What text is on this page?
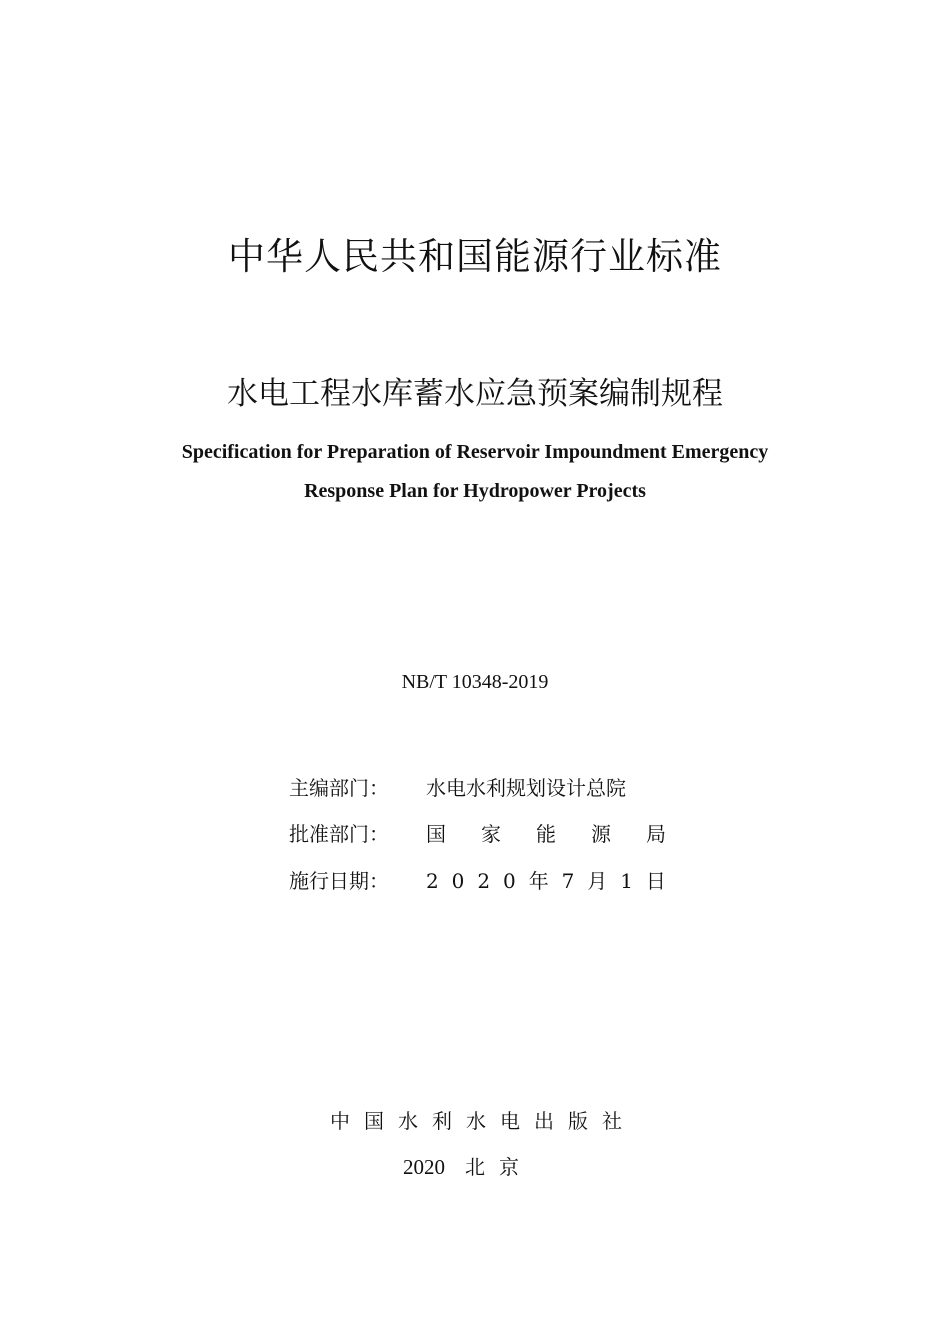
中华人民共和国能源行业标准
水电工程水库蓄水应急预案编制规程
Specification for Preparation of Reservoir Impoundment Emergency
Response Plan for Hydropower Projects
NB/T 10348-2019
主编部门： 水电水利规划设计总院
批准部门： 国 家 能 源 局
施行日期： 2 0 2 0 年 7 月 1 日
中 国 水 利 水 电 出 版 社
2020 北京
